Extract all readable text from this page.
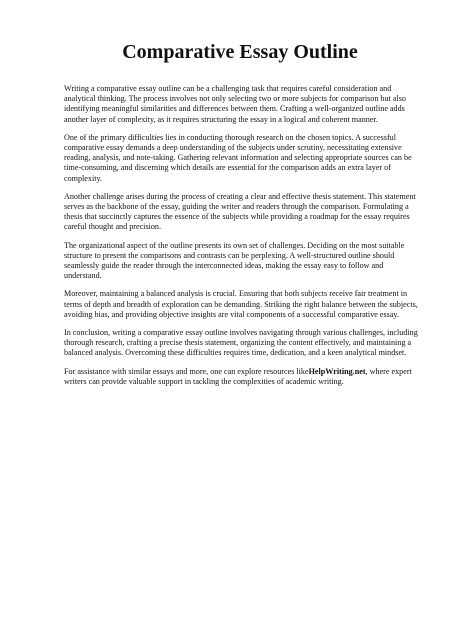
Comparative Essay Outline

Writing a comparative essay outline can be a challenging task that requires careful consideration and analytical thinking. The process involves not only selecting two or more subjects for comparison but also identifying meaningful similarities and differences between them. Crafting a well-organized outline adds another layer of complexity, as it requires structuring the essay in a logical and coherent manner.

One of the primary difficulties lies in conducting thorough research on the chosen topics. A successful comparative essay demands a deep understanding of the subjects under scrutiny, necessitating extensive reading, analysis, and note-taking. Gathering relevant information and selecting appropriate sources can be time-consuming, and discerning which details are essential for the comparison adds an extra layer of complexity.

Another challenge arises during the process of creating a clear and effective thesis statement. This statement serves as the backbone of the essay, guiding the writer and readers through the comparison. Formulating a thesis that succinctly captures the essence of the subjects while providing a roadmap for the essay requires careful thought and precision.

The organizational aspect of the outline presents its own set of challenges. Deciding on the most suitable structure to present the comparisons and contrasts can be perplexing. A well-structured outline should seamlessly guide the reader through the interconnected ideas, making the essay easy to follow and understand.

Moreover, maintaining a balanced analysis is crucial. Ensuring that both subjects receive fair treatment in terms of depth and breadth of exploration can be demanding. Striking the right balance between the subjects, avoiding bias, and providing objective insights are vital components of a successful comparative essay.

In conclusion, writing a comparative essay outline involves navigating through various challenges, including thorough research, crafting a precise thesis statement, organizing the content effectively, and maintaining a balanced analysis. Overcoming these difficulties requires time, dedication, and a keen analytical mindset.

For assistance with similar essays and more, one can explore resources likeHelpWriting.net, where expert writers can provide valuable support in tackling the complexities of academic writing.
